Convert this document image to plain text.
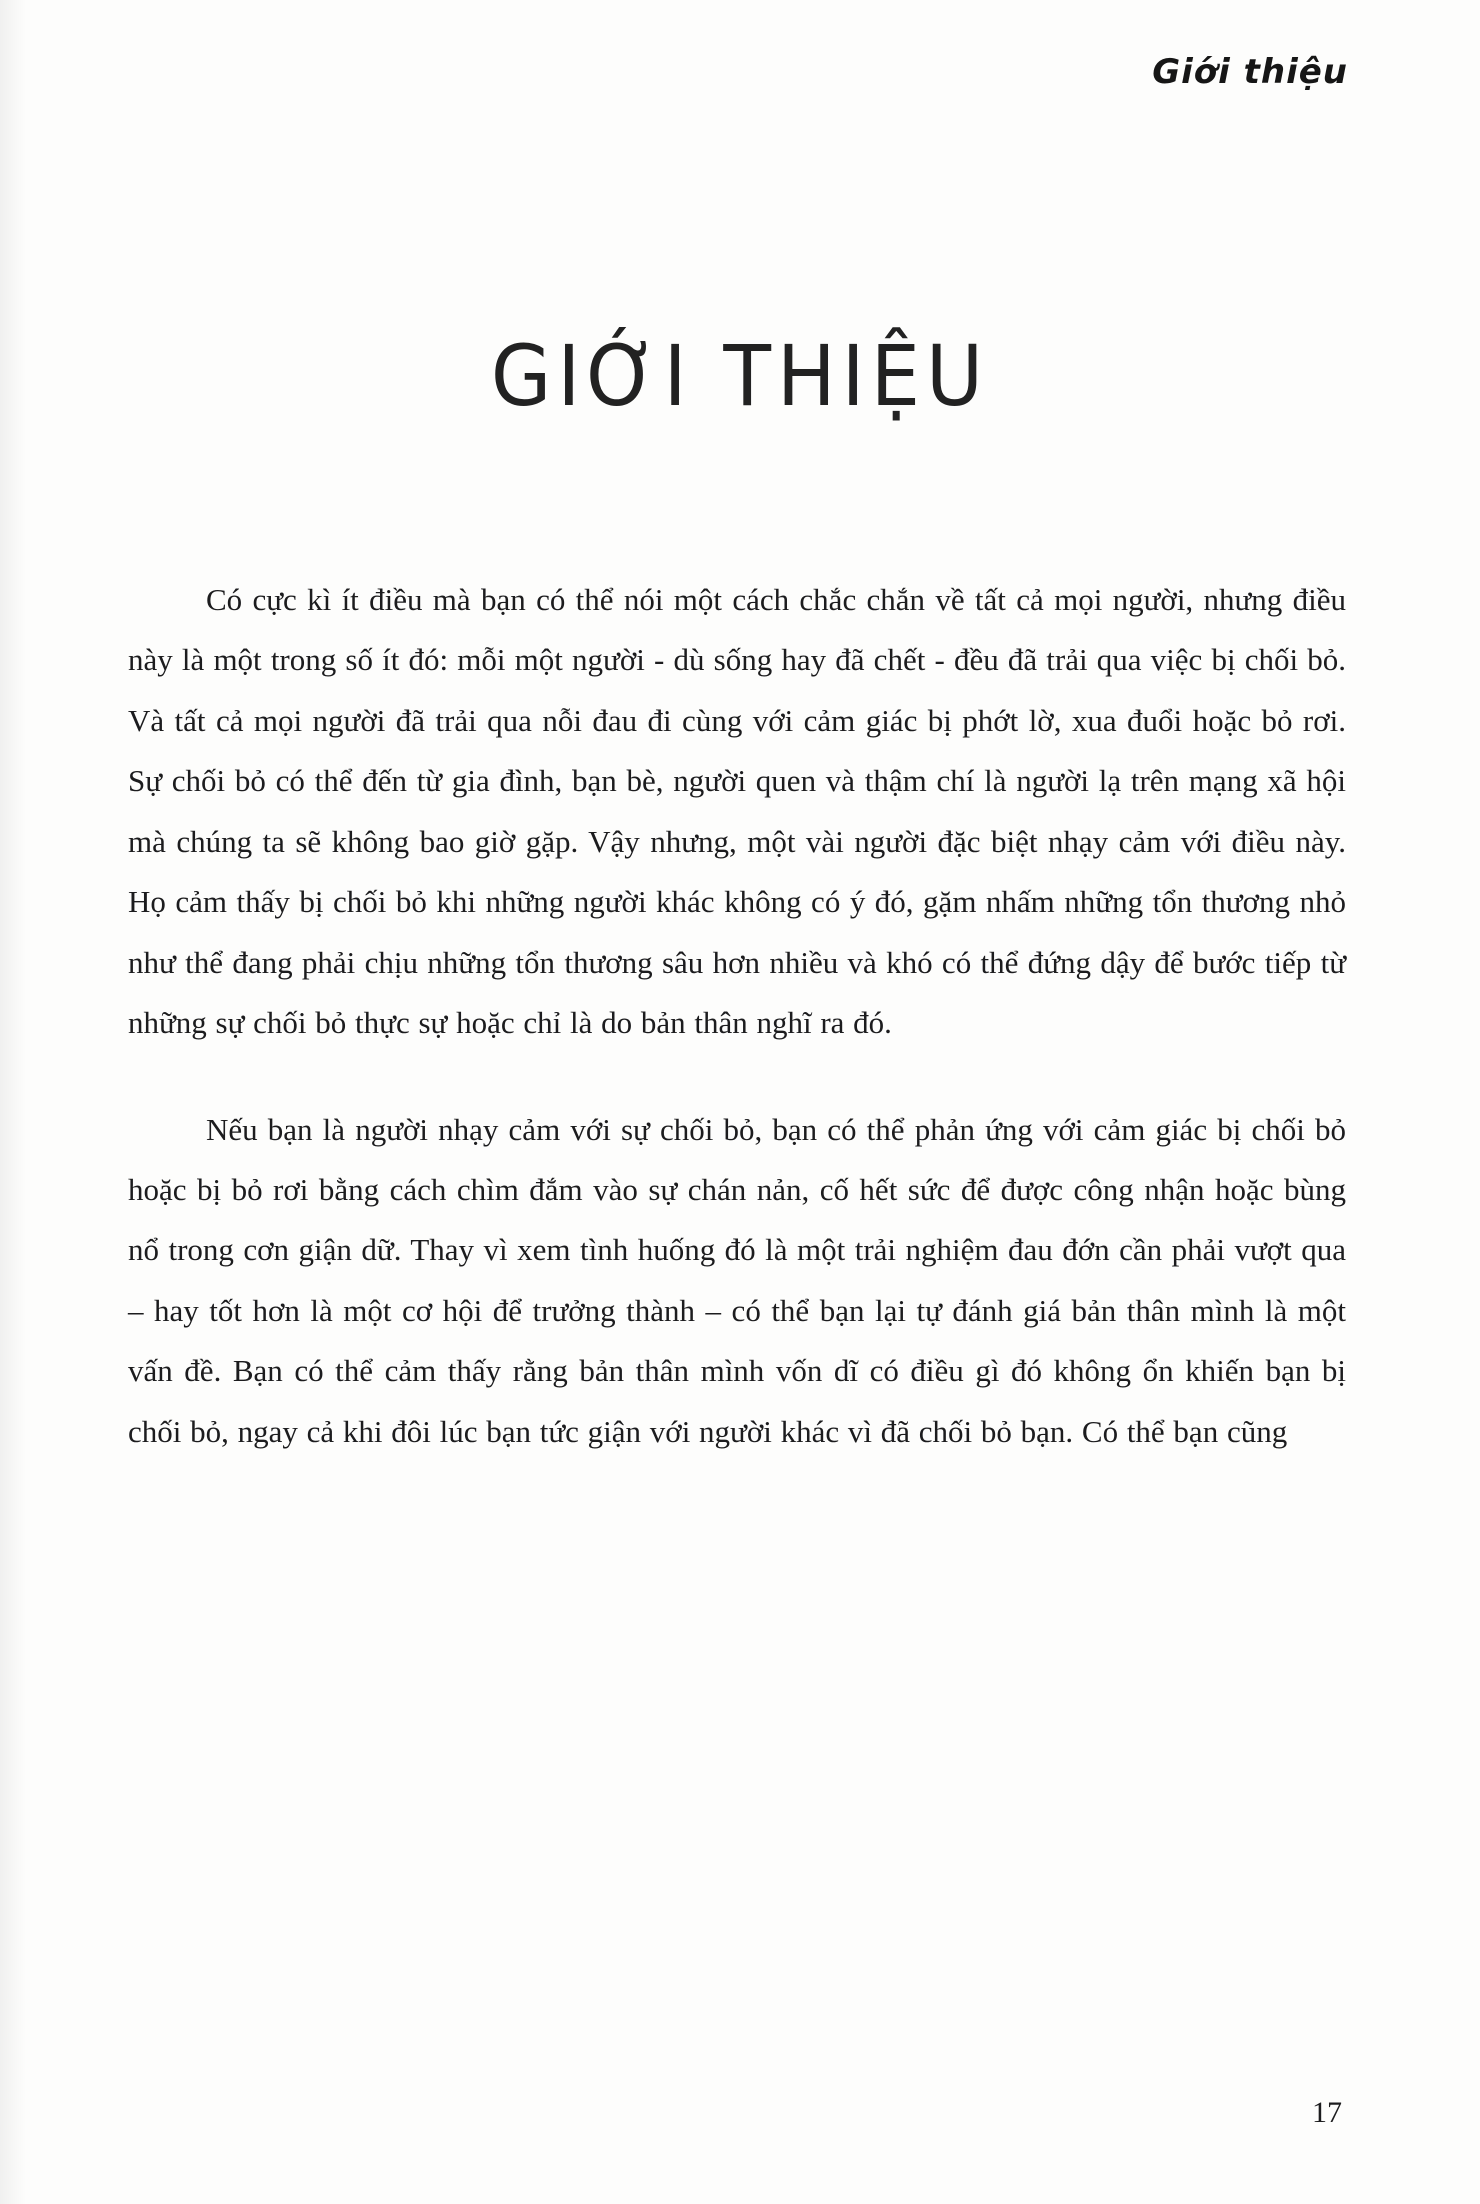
Giới thiệu
GIỚI THIỆU

Có cực kì ít điều mà bạn có thể nói một cách chắc chắn về tất cả mọi người, nhưng điều này là một trong số ít đó: mỗi một người - dù sống hay đã chết - đều đã trải qua việc bị chối bỏ. Và tất cả mọi người đã trải qua nỗi đau đi cùng với cảm giác bị phớt lờ, xua đuổi hoặc bỏ rơi. Sự chối bỏ có thể đến từ gia đình, bạn bè, người quen và thậm chí là người lạ trên mạng xã hội mà chúng ta sẽ không bao giờ gặp. Vậy nhưng, một vài người đặc biệt nhạy cảm với điều này. Họ cảm thấy bị chối bỏ khi những người khác không có ý đó, gặm nhấm những tổn thương nhỏ như thể đang phải chịu những tổn thương sâu hơn nhiều và khó có thể đứng dậy để bước tiếp từ những sự chối bỏ thực sự hoặc chỉ là do bản thân nghĩ ra đó.

Nếu bạn là người nhạy cảm với sự chối bỏ, bạn có thể phản ứng với cảm giác bị chối bỏ hoặc bị bỏ rơi bằng cách chìm đắm vào sự chán nản, cố hết sức để được công nhận hoặc bùng nổ trong cơn giận dữ. Thay vì xem tình huống đó là một trải nghiệm đau đớn cần phải vượt qua – hay tốt hơn là một cơ hội để trưởng thành – có thể bạn lại tự đánh giá bản thân mình là một vấn đề. Bạn có thể cảm thấy rằng bản thân mình vốn dĩ có điều gì đó không ổn khiến bạn bị chối bỏ, ngay cả khi đôi lúc bạn tức giận với người khác vì đã chối bỏ bạn. Có thể bạn cũng

17
